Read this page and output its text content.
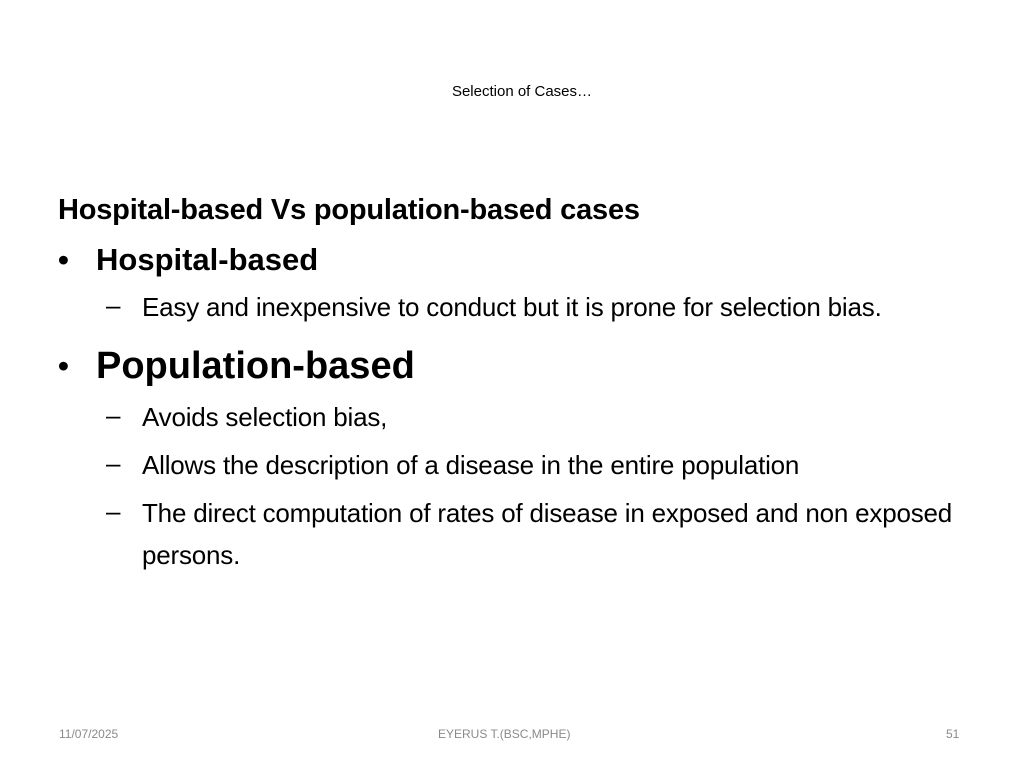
Selection of Cases…

Hospital-based Vs population-based cases

• Hospital-based
– Easy and inexpensive to conduct but it is prone for selection bias.
• Population-based
– Avoids selection bias,
– Allows the description of a disease in the entire population
– The direct computation of rates of disease in exposed and non exposed persons.
11/07/2025	EYERUS T.(BSC,MPHE)	51
